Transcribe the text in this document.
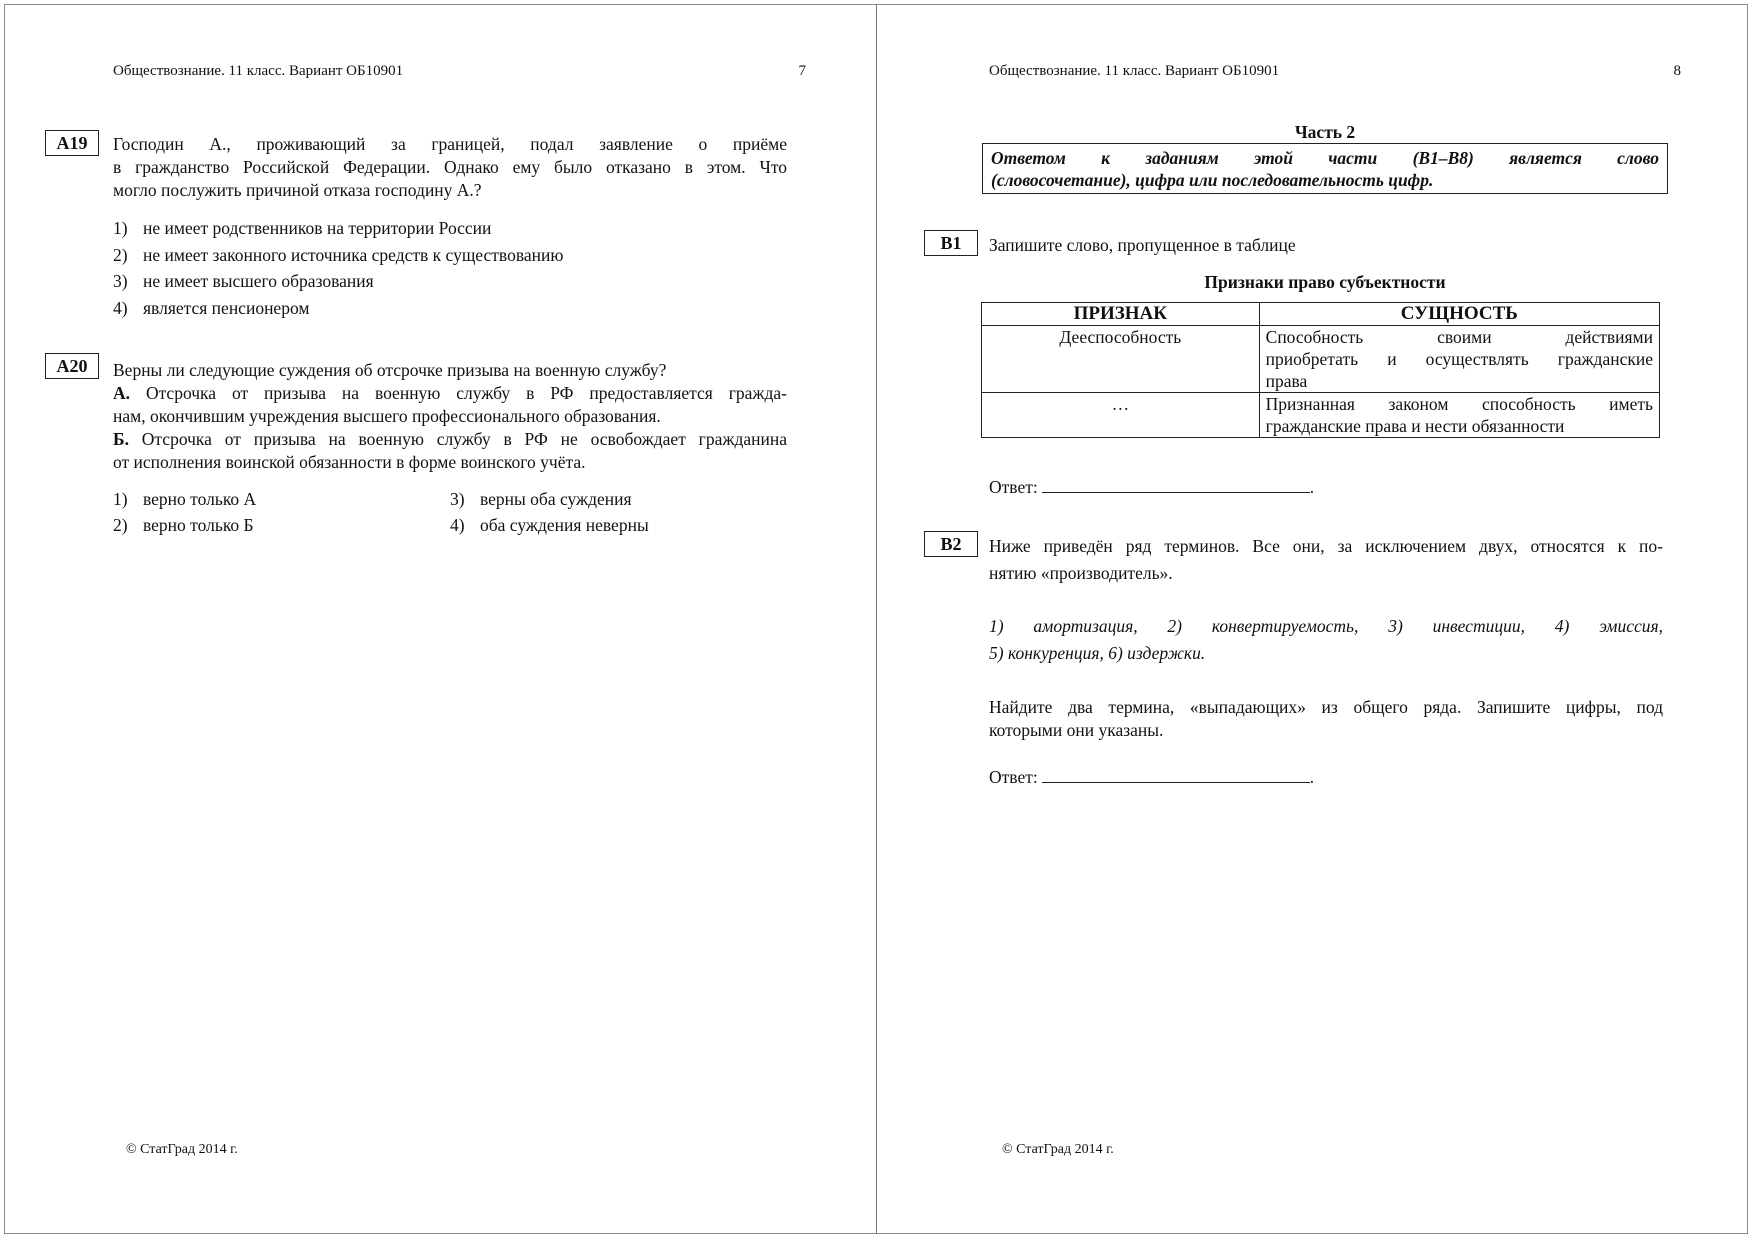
Обществознание. 11 класс. Вариант ОБ10901	7
А19	Господин А., проживающий за границей, подал заявление о приёме
в гражданство Российской Федерации. Однако ему было отказано в этом. Что
могло послужить причиной отказа господину А.?
1) не имеет родственников на территории России
2) не имеет законного источника средств к существованию
3) не имеет высшего образования
4) является пенсионером
А20	Верны ли следующие суждения об отсрочке призыва на военную службу?
А. Отсрочка от призыва на военную службу в РФ предоставляется гражда-
нам, окончившим учреждения высшего профессионального образования.
Б. Отсрочка от призыва на военную службу в РФ не освобождает гражданина
от исполнения воинской обязанности в форме воинского учёта.
1) верно только А
2) верно только Б
3) верны оба суждения
4) оба суждения неверны
© СтатГрад 2014 г.
Обществознание. 11 класс. Вариант ОБ10901	8
Часть 2
Ответом к заданиям этой части (В1–В8) является слово
(словосочетание), цифра или последовательность цифр.
В1	Запишите слово, пропущенное в таблице
Признаки право субъектности
ПРИЗНАК	СУЩНОСТЬ
Дееспособность	Способность своими действиями
приобретать и осуществлять гражданские
права

…	Признанная законом способность иметь
гражданские права и нести обязанности
Ответ:	.
В2	Ниже приведён ряд терминов. Все они, за исключением двух, относятся к по-
нятию «производитель».
1) амортизация, 2) конвертируемость, 3) инвестиции, 4) эмиссия,
5) конкуренция, 6) издержки.
Найдите два термина, «выпадающих» из общего ряда. Запишите цифры, под
которыми они указаны.
Ответ:	.
© СтатГрад 2014 г.
